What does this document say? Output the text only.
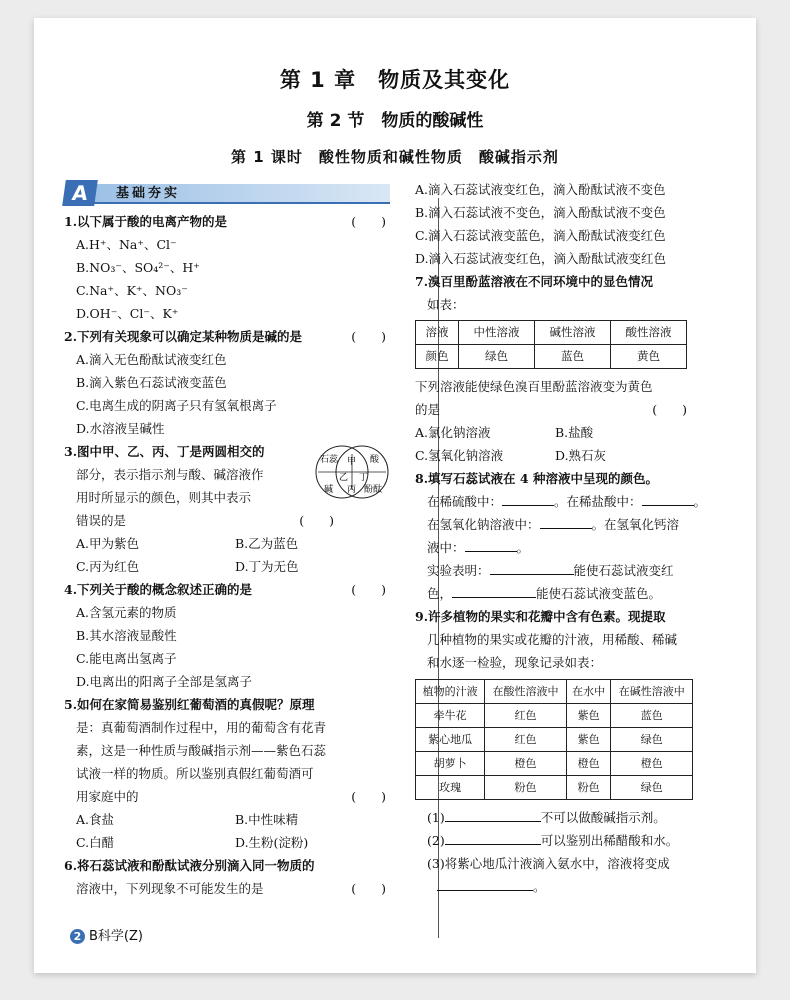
第 1 章　物质及其变化
第 2 节　物质的酸碱性
第 1 课时　酸性物质和碱性物质　酸碱指示剂
A	基础夯实
1.以下属于酸的电离产物的是	(　　)
A.H⁺、Na⁺、Cl⁻
B.NO₃⁻、SO₄²⁻、H⁺
C.Na⁺、K⁺、NO₃⁻
D.OH⁻、Cl⁻、K⁺
2.下列有关现象可以确定某种物质是碱的是	(　　)
A.滴入无色酚酞试液变红色
B.滴入紫色石蕊试液变蓝色
C.电离生成的阴离子只有氢氧根离子
D.水溶液呈碱性
3.图中甲、乙、丙、丁是两圆相交的
部分，表示指示剂与酸、碱溶液作
用时所显示的颜色，则其中表示
错误的是	(　　)
A.甲为紫色	B.乙为蓝色
C.丙为红色	D.丁为无色
石蕊 甲 酸
乙 丁
碱 丙 酚酞
4.下列关于酸的概念叙述正确的是	(　　)
A.含氢元素的物质
B.其水溶液显酸性
C.能电离出氢离子
D.电离出的阳离子全部是氢离子
5.如何在家简易鉴别红葡萄酒的真假呢？原理
是：真葡萄酒制作过程中，用的葡萄含有花青
素，这是一种性质与酸碱指示剂——紫色石蕊
试液一样的物质。所以鉴别真假红葡萄酒可
用家庭中的	(　　)
A.食盐	B.中性味精
C.白醋	D.生粉(淀粉)
6.将石蕊试液和酚酞试液分别滴入同一物质的
溶液中，下列现象不可能发生的是	(　　)
A.滴入石蕊试液变红色，滴入酚酞试液不变色
B.滴入石蕊试液不变色，滴入酚酞试液不变色
C.滴入石蕊试液变蓝色，滴入酚酞试液变红色
D.滴入石蕊试液变红色，滴入酚酞试液变红色
7.溴百里酚蓝溶液在不同环境中的显色情况
如表：
溶液	中性溶液	碱性溶液	酸性溶液
颜色	绿色	蓝色	黄色
下列溶液能使绿色溴百里酚蓝溶液变为黄色
的是	(　　)
A.氯化钠溶液	B.盐酸
C.氢氧化钠溶液	D.熟石灰
8.填写石蕊试液在 4 种溶液中呈现的颜色。
在稀硫酸中：	。在稀盐酸中：	。
在氢氧化钠溶液中：	。在氢氧化钙溶
液中：	。
实验表明：	能使石蕊试液变红
色，	能使石蕊试液变蓝色。
9.许多植物的果实和花瓣中含有色素。现提取
几种植物的果实或花瓣的汁液，用稀酸、稀碱
和水逐一检验，现象记录如表：
植物的汁液	在酸性溶液中	在水中	在碱性溶液中
牵牛花	红色	紫色	蓝色
紫心地瓜	红色	紫色	绿色
胡萝卜	橙色	橙色	橙色
玫瑰	粉色	粉色	绿色
(1)	不可以做酸碱指示剂。
(2)	可以鉴别出稀醋酸和水。
(3)将紫心地瓜汁液滴入氨水中，溶液将变成
。
2 B科学(Z)
